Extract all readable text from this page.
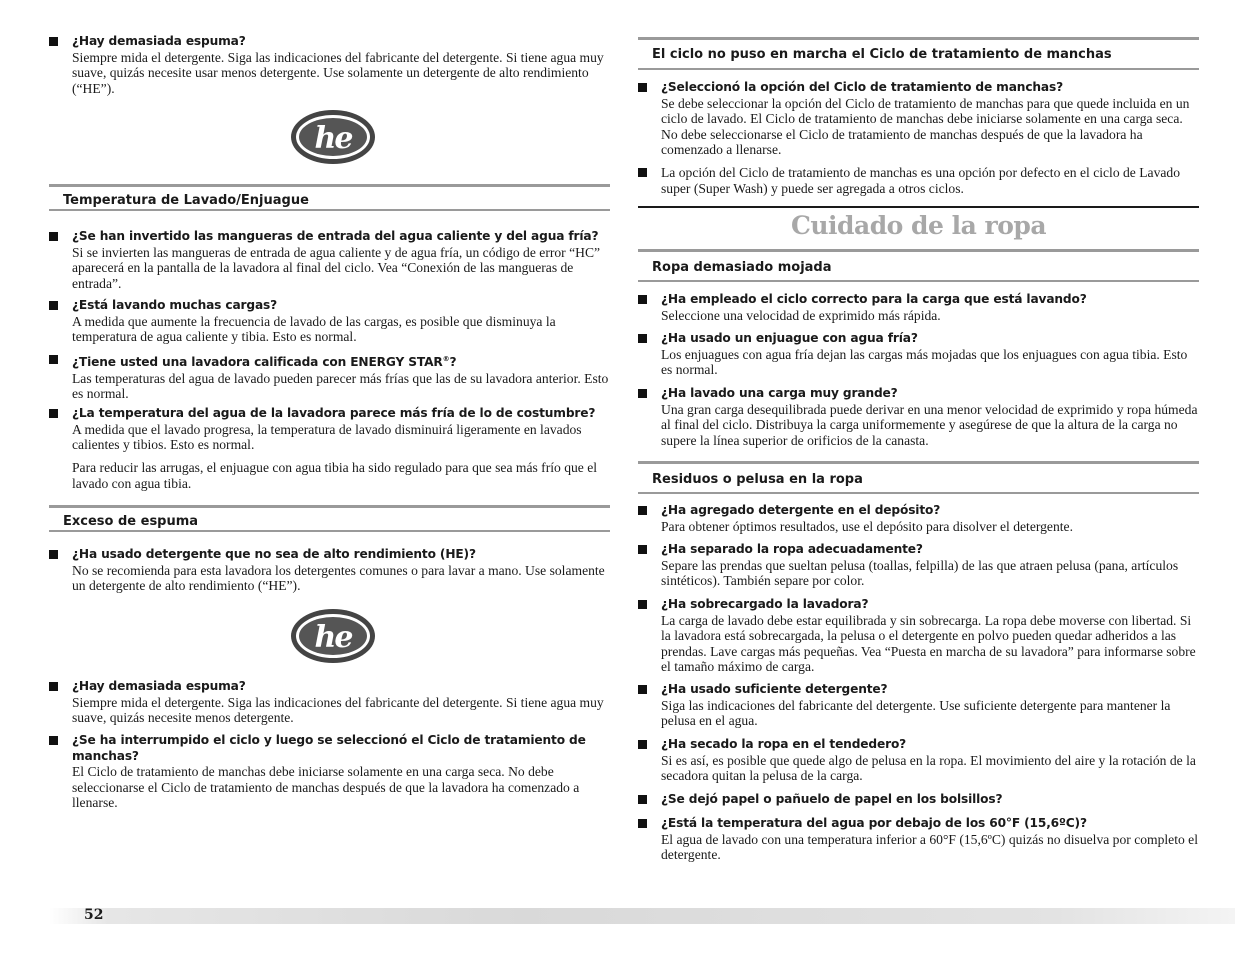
¿Hay demasiada espuma?
Siempre mida el detergente. Siga las indicaciones del fabricante del detergente. Si tiene agua muy suave, quizás necesite usar menos detergente. Use solamente un detergente de alto rendimiento (“HE”).
he
Temperatura de Lavado/Enjuague
¿Se han invertido las mangueras de entrada del agua caliente y del agua fría?
Si se invierten las mangueras de entrada de agua caliente y de agua fría, un código de error “HC” aparecerá en la pantalla de la lavadora al final del ciclo. Vea “Conexión de las mangueras de entrada”.
¿Está lavando muchas cargas?
A medida que aumente la frecuencia de lavado de las cargas, es posible que disminuya la temperatura de agua caliente y tibia. Esto es normal.
¿Tiene usted una lavadora calificada con ENERGY STAR®?
Las temperaturas del agua de lavado pueden parecer más frías que las de su lavadora anterior. Esto es normal.
¿La temperatura del agua de la lavadora parece más fría de lo de costumbre?
A medida que el lavado progresa, la temperatura de lavado disminuirá ligeramente en lavados calientes y tibios. Esto es normal.
Para reducir las arrugas, el enjuague con agua tibia ha sido regulado para que sea más frío que el lavado con agua tibia.
Exceso de espuma
¿Ha usado detergente que no sea de alto rendimiento (HE)?
No se recomienda para esta lavadora los detergentes comunes o para lavar a mano. Use solamente un detergente de alto rendimiento (“HE”).
he
¿Hay demasiada espuma?
Siempre mida el detergente. Siga las indicaciones del fabricante del detergente. Si tiene agua muy suave, quizás necesite menos detergente.
¿Se ha interrumpido el ciclo y luego se seleccionó el Ciclo de tratamiento de manchas?
El Ciclo de tratamiento de manchas debe iniciarse solamente en una carga seca. No debe seleccionarse el Ciclo de tratamiento de manchas después de que la lavadora ha comenzado a llenarse.
El ciclo no puso en marcha el Ciclo de tratamiento de manchas
¿Seleccionó la opción del Ciclo de tratamiento de manchas?
Se debe seleccionar la opción del Ciclo de tratamiento de manchas para que quede incluida en un ciclo de lavado. El Ciclo de tratamiento de manchas debe iniciarse solamente en una carga seca. No debe seleccionarse el Ciclo de tratamiento de manchas después de que la lavadora ha comenzado a llenarse.
La opción del Ciclo de tratamiento de manchas es una opción por defecto en el ciclo de Lavado super (Super Wash) y puede ser agregada a otros ciclos.
Cuidado de la ropa
Ropa demasiado mojada
¿Ha empleado el ciclo correcto para la carga que está lavando?
Seleccione una velocidad de exprimido más rápida.
¿Ha usado un enjuague con agua fría?
Los enjuagues con agua fría dejan las cargas más mojadas que los enjuagues con agua tibia. Esto es normal.
¿Ha lavado una carga muy grande?
Una gran carga desequilibrada puede derivar en una menor velocidad de exprimido y ropa húmeda al final del ciclo. Distribuya la carga uniformemente y asegúrese de que la altura de la carga no supere la línea superior de orificios de la canasta.
Residuos o pelusa en la ropa
¿Ha agregado detergente en el depósito?
Para obtener óptimos resultados, use el depósito para disolver el detergente.
¿Ha separado la ropa adecuadamente?
Separe las prendas que sueltan pelusa (toallas, felpilla) de las que atraen pelusa (pana, artículos sintéticos). También separe por color.
¿Ha sobrecargado la lavadora?
La carga de lavado debe estar equilibrada y sin sobrecarga. La ropa debe moverse con libertad. Si la lavadora está sobrecargada, la pelusa o el detergente en polvo pueden quedar adheridos a las prendas. Lave cargas más pequeñas. Vea “Puesta en marcha de su lavadora” para informarse sobre el tamaño máximo de carga.
¿Ha usado suficiente detergente?
Siga las indicaciones del fabricante del detergente. Use suficiente detergente para mantener la pelusa en el agua.
¿Ha secado la ropa en el tendedero?
Si es así, es posible que quede algo de pelusa en la ropa. El movimiento del aire y la rotación de la secadora quitan la pelusa de la carga.
¿Se dejó papel o pañuelo de papel en los bolsillos?
¿Está la temperatura del agua por debajo de los 60°F (15,6ºC)?
El agua de lavado con una temperatura inferior a 60°F (15,6ºC) quizás no disuelva por completo el detergente.
52
